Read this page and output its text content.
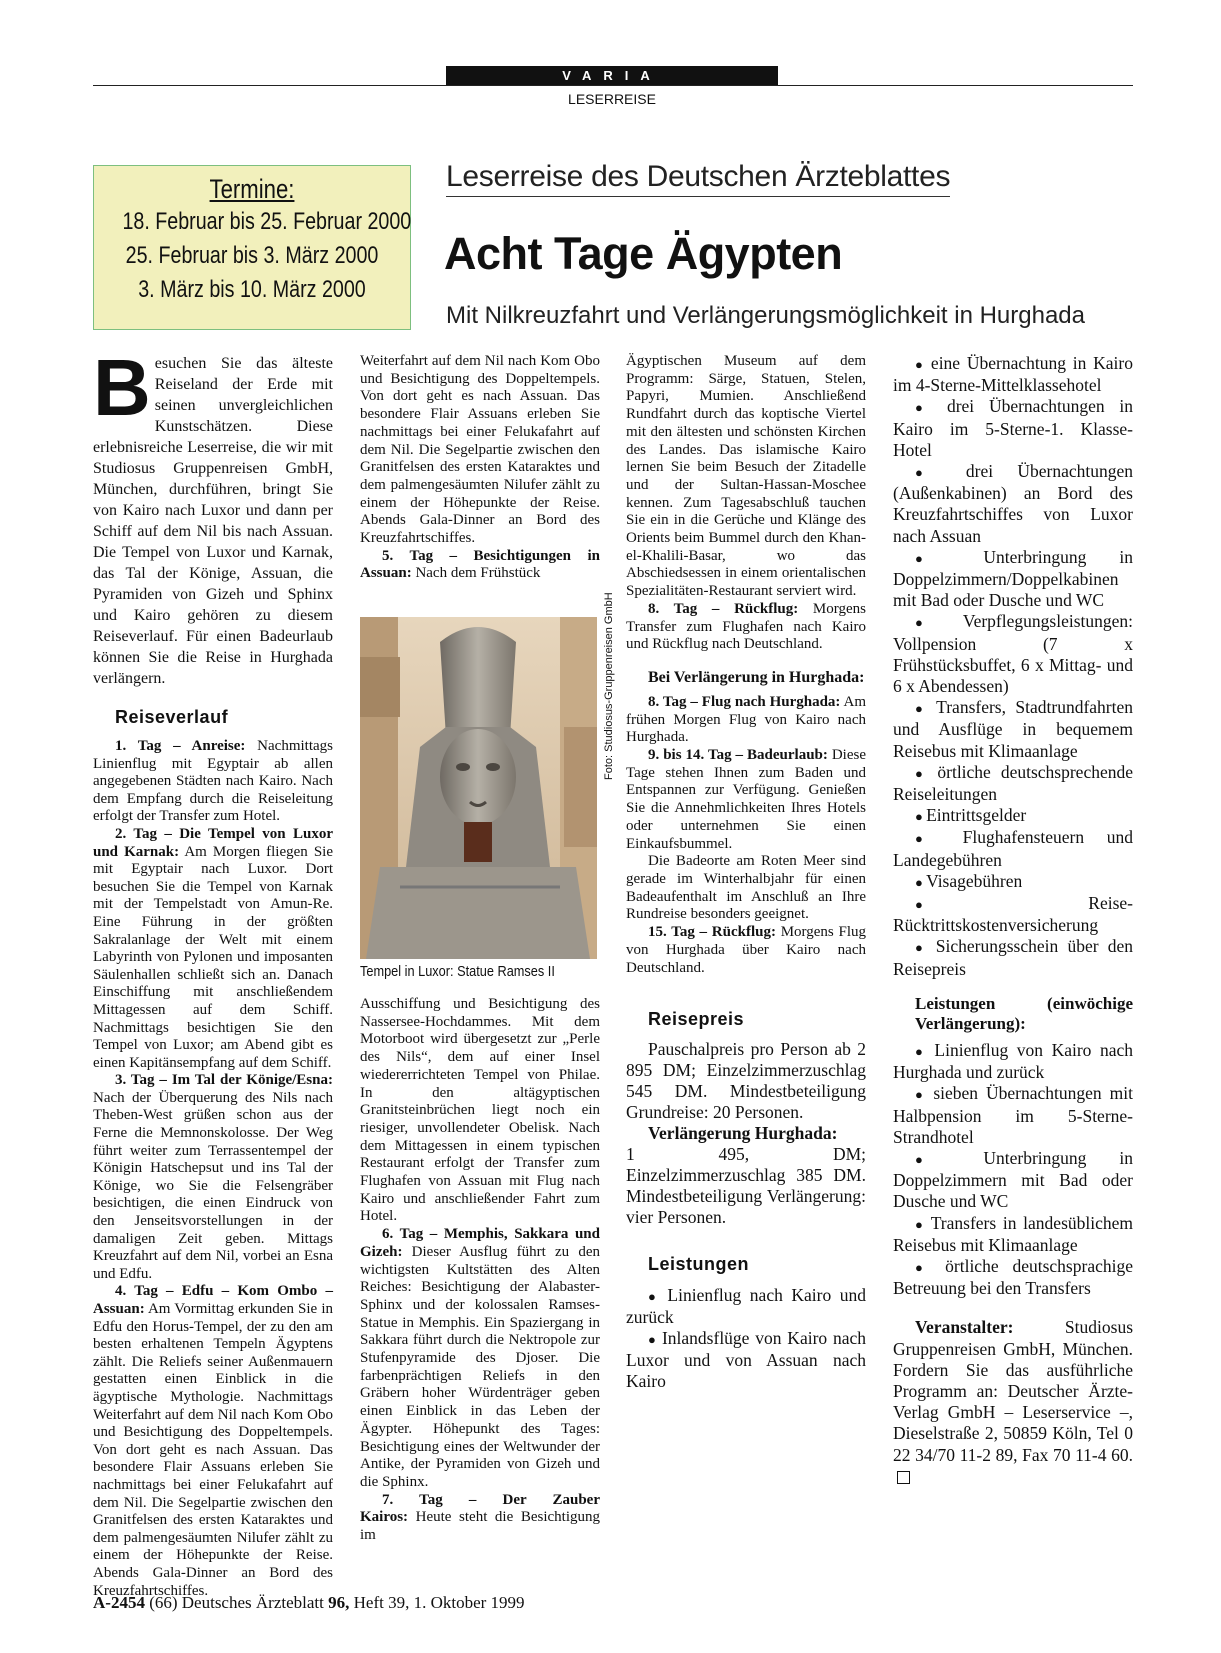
VARIA
LESERREISE
Termine:
18. Februar bis 25. Februar 2000
25. Februar bis 3. März 2000
3. März bis 10. März 2000
Leserreise des Deutschen Ärzteblattes
Acht Tage Ägypten
Mit Nilkreuzfahrt und Verlängerungsmöglichkeit in Hurghada

Besuchen Sie das älteste Reiseland der Erde mit seinen unvergleichlichen Kunstschätzen. Diese erlebnisreiche Leserreise, die wir mit Studiosus Gruppenreisen GmbH, München, durchführen, bringt Sie von Kairo nach Luxor und dann per Schiff auf dem Nil bis nach Assuan. Die Tempel von Luxor und Karnak, das Tal der Könige, Assuan, die Pyramiden von Gizeh und Sphinx und Kairo gehören zu diesem Reiseverlauf. Für einen Badeurlaub können Sie die Reise in Hurghada verlängern.

Reiseverlauf

1. Tag – Anreise: Nachmittags Linienflug mit Egyptair ab allen angegebenen Städten nach Kairo. Nach dem Empfang durch die Reiseleitung erfolgt der Transfer zum Hotel.

2. Tag – Die Tempel von Luxor und Karnak: Am Morgen fliegen Sie mit Egyptair nach Luxor. Dort besuchen Sie die Tempel von Karnak mit der Tempelstadt von Amun-Re. Eine Führung in der größten Sakralanlage der Welt mit einem Labyrinth von Pylonen und imposanten Säulenhallen schließt sich an. Danach Einschiffung mit anschließendem Mittagessen auf dem Schiff. Nachmittags besichtigen Sie den Tempel von Luxor; am Abend gibt es einen Kapitänsempfang auf dem Schiff.

3. Tag – Im Tal der Könige/Esna: Nach der Überquerung des Nils nach Theben-West grüßen schon aus der Ferne die Memnonskolosse. Der Weg führt weiter zum Terrassentempel der Königin Hatschepsut und ins Tal der Könige, wo Sie die Felsengräber besichtigen, die einen Eindruck von den Jenseitsvorstellungen in der damaligen Zeit geben. Mittags Kreuzfahrt auf dem Nil, vorbei an Esna und Edfu.

4. Tag – Edfu – Kom Ombo – Assuan: Am Vormittag erkunden Sie in Edfu den Horus-Tempel, der zu den am besten erhaltenen Tempeln Ägyptens zählt. Die Reliefs seiner Außenmauern gestatten einen Einblick in die ägyptische Mythologie. Nachmittags Weiterfahrt auf dem Nil nach Kom Obo und Besichtigung des Doppeltempels. Von dort geht es nach Assuan. Das besondere Flair Assuans erleben Sie nachmittags bei einer Felukafahrt auf dem Nil. Die Segelpartie zwischen den Granitfelsen des ersten Kataraktes und dem palmengesäumten Nilufer zählt zu einem der Höhepunkte der Reise. Abends Gala-Dinner an Bord des Kreuzfahrtschiffes.

Foto: Studiosus-Gruppenreisen GmbH
Tempel in Luxor: Statue Ramses II

Weiterfahrt auf dem Nil nach Kom Obo und Besichtigung des Doppeltempels. Von dort geht es nach Assuan. Das besondere Flair Assuans erleben Sie nachmittags bei einer Felukafahrt auf dem Nil. Die Segelpartie zwischen den Granitfelsen des ersten Kataraktes und dem palmengesäumten Nilufer zählt zu einem der Höhepunkte der Reise. Abends Gala-Dinner an Bord des Kreuzfahrtschiffes.

5. Tag – Besichtigungen in Assuan: Nach dem Frühstück

Ausschiffung und Besichtigung des Nassersee-Hochdammes. Mit dem Motorboot wird übergesetzt zur „Perle des Nils“, dem auf einer Insel wiedererrichteten Tempel von Philae. In den altägyptischen Granitsteinbrüchen liegt noch ein riesiger, unvollendeter Obelisk. Nach dem Mittagessen in einem typischen Restaurant erfolgt der Transfer zum Flughafen von Assuan mit Flug nach Kairo und anschließender Fahrt zum Hotel.

6. Tag – Memphis, Sakkara und Gizeh: Dieser Ausflug führt zu den wichtigsten Kultstätten des Alten Reiches: Besichtigung der Alabaster-Sphinx und der kolossalen Ramses-Statue in Memphis. Ein Spaziergang in Sakkara führt durch die Nektropole zur Stufenpyramide des Djoser. Die farbenprächtigen Reliefs in den Gräbern hoher Würdenträger geben einen Einblick in das Leben der Ägypter. Höhepunkt des Tages: Besichtigung eines der Weltwunder der Antike, der Pyramiden von Gizeh und die Sphinx.

7. Tag – Der Zauber Kairos: Heute steht die Besichtigung im

Ägyptischen Museum auf dem Programm: Särge, Statuen, Stelen, Papyri, Mumien. Anschließend Rundfahrt durch das koptische Viertel mit den ältesten und schönsten Kirchen des Landes. Das islamische Kairo lernen Sie beim Besuch der Zitadelle und der Sultan-Hassan-Moschee kennen. Zum Tagesabschluß tauchen Sie ein in die Gerüche und Klänge des Orients beim Bummel durch den Khan-el-Khalili-Basar, wo das Abschiedsessen in einem orientalischen Spezialitäten-Restaurant serviert wird.

8. Tag – Rückflug: Morgens Transfer zum Flughafen nach Kairo und Rückflug nach Deutschland.

Bei Verlängerung in Hurghada:

8. Tag – Flug nach Hurghada: Am frühen Morgen Flug von Kairo nach Hurghada.

9. bis 14. Tag – Badeurlaub: Diese Tage stehen Ihnen zum Baden und Entspannen zur Verfügung. Genießen Sie die Annehmlichkeiten Ihres Hotels oder unternehmen Sie einen Einkaufsbummel.

Die Badeorte am Roten Meer sind gerade im Winterhalbjahr für einen Badeaufenthalt im Anschluß an Ihre Rundreise besonders geeignet.

15. Tag – Rückflug: Morgens Flug von Hurghada über Kairo nach Deutschland.

Reisepreis

Pauschalpreis pro Person ab 2 895 DM; Einzelzimmerzuschlag 545 DM. Mindestbeteiligung Grundreise: 20 Personen.

Verlängerung Hurghada:

1 495, DM; Einzelzimmerzuschlag 385 DM. Mindestbeteiligung Verlängerung: vier Personen.

Leistungen

● Linienflug nach Kairo und zurück

● Inlandsflüge von Kairo nach Luxor und von Assuan nach Kairo

● eine Übernachtung in Kairo im 4-Sterne-Mittelklassehotel

● drei Übernachtungen in Kairo im 5-Sterne-1. Klasse-Hotel

● drei Übernachtungen (Außenkabinen) an Bord des Kreuzfahrtschiffes von Luxor nach Assuan

● Unterbringung in Doppelzimmern/Doppelkabinen mit Bad oder Dusche und WC

● Verpflegungsleistungen: Vollpension (7 x Frühstücksbuffet, 6 x Mittag- und 6 x Abendessen)

● Transfers, Stadtrundfahrten und Ausflüge in bequemem Reisebus mit Klimaanlage

● örtliche deutschsprechende Reiseleitungen

● Eintrittsgelder

● Flughafensteuern und Landegebühren

● Visagebühren

● Reise-Rücktrittskostenversicherung

● Sicherungsschein über den Reisepreis

Leistungen (einwöchige Verlängerung):

● Linienflug von Kairo nach Hurghada und zurück

● sieben Übernachtungen mit Halbpension im 5-Sterne-Strandhotel

● Unterbringung in Doppelzimmern mit Bad oder Dusche und WC

● Transfers in landesüblichem Reisebus mit Klimaanlage

● örtliche deutschsprachige Betreuung bei den Transfers

Veranstalter: Studiosus Gruppenreisen GmbH, München. Fordern Sie das ausführliche Programm an: Deutscher Ärzte-Verlag GmbH – Leserservice –, Dieselstraße 2, 50859 Köln, Tel 0 22 34/70 11-2 89, Fax 70 11-4 60.

A-2454 (66) Deutsches Ärzteblatt 96, Heft 39, 1. Oktober 1999
